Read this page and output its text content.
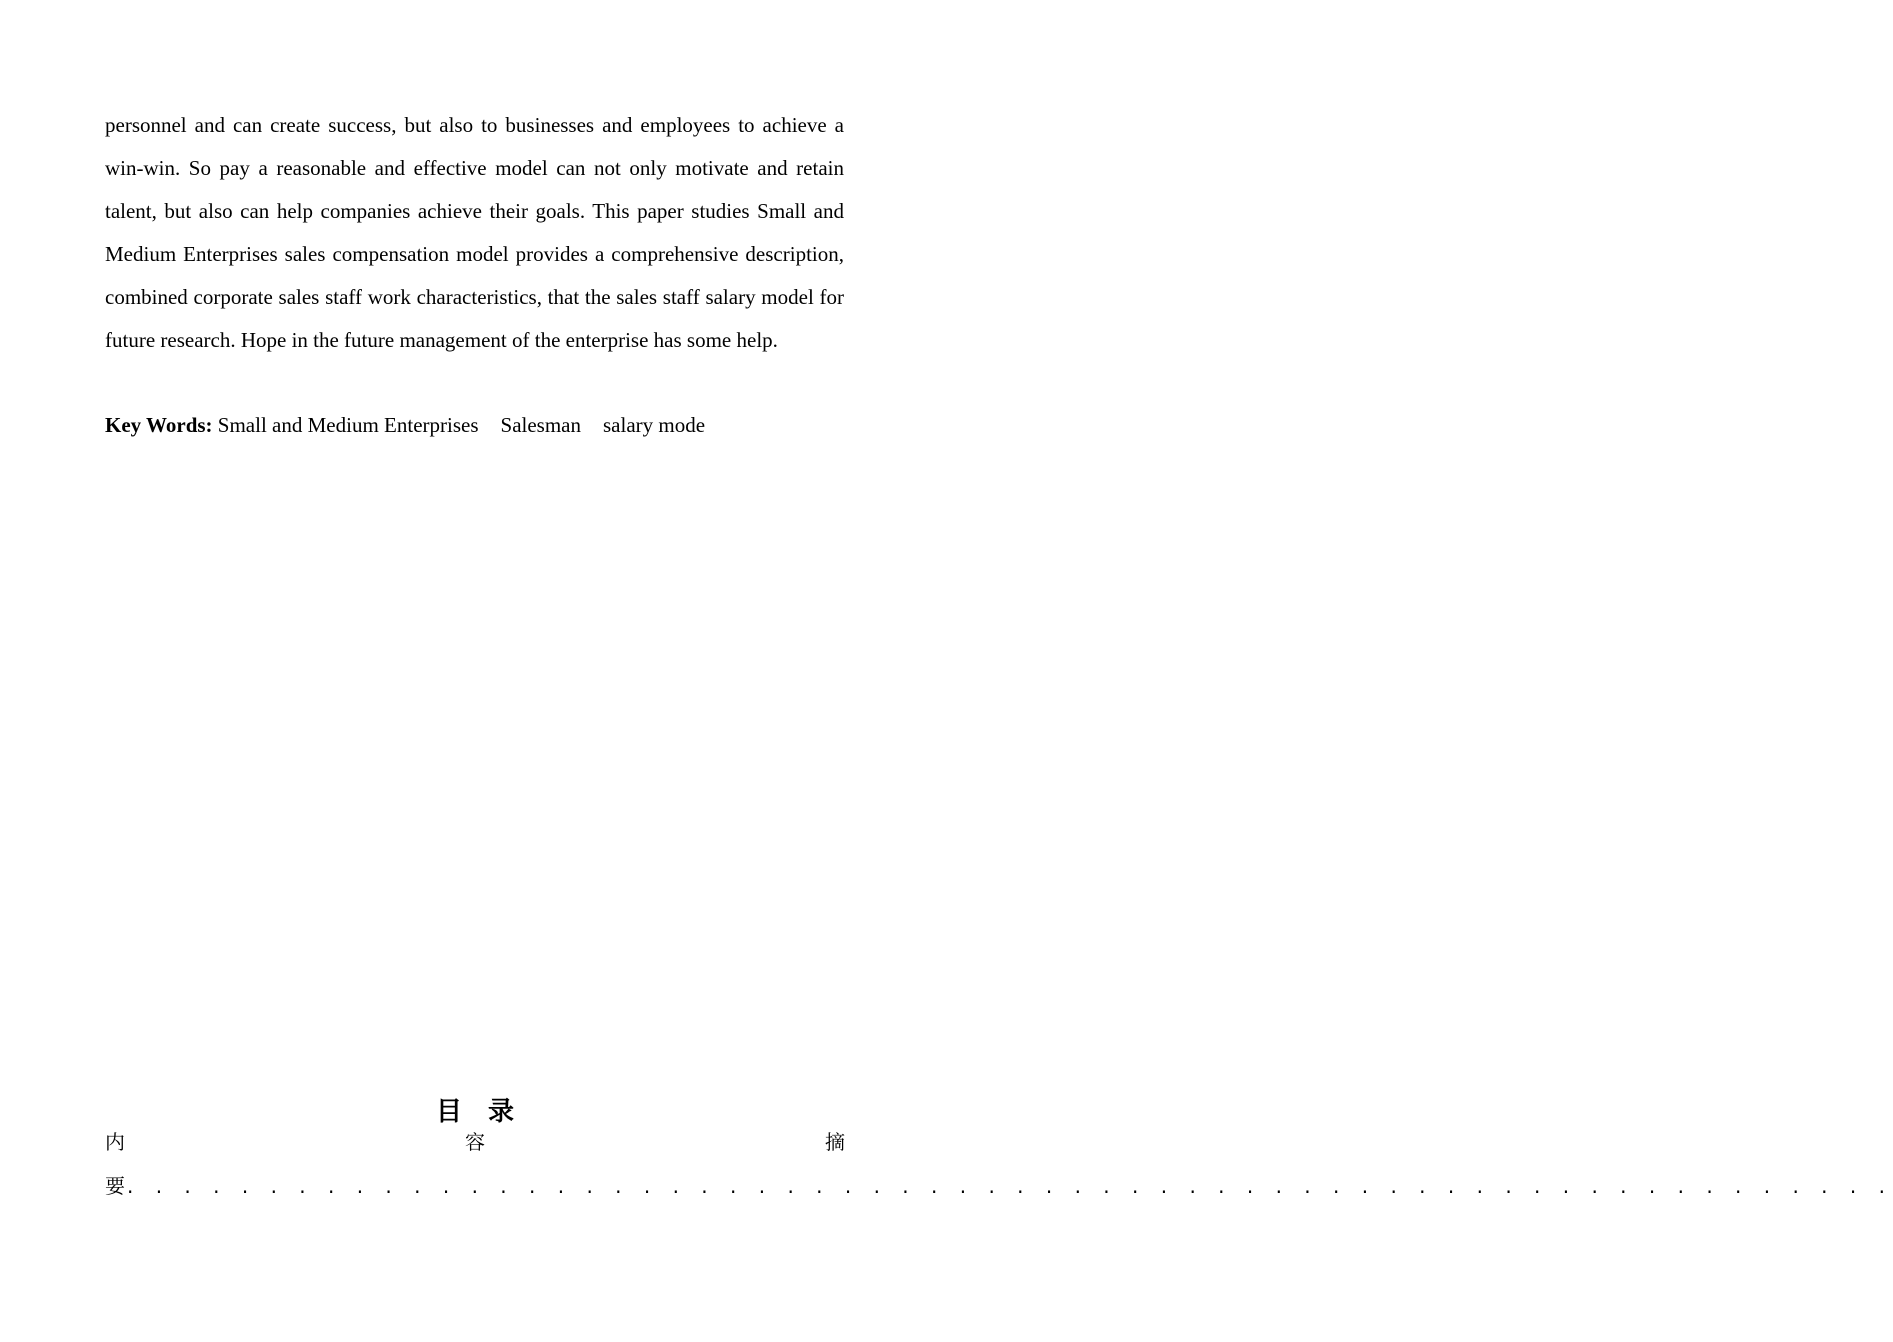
personnel and can create success, but also to businesses and employees to achieve a win-win. So pay a reasonable and effective model can not only motivate and retain talent, but also can help companies achieve their goals. This paper studies Small and Medium Enterprises sales compensation model provides a comprehensive description, combined corporate sales staff work characteristics, that the sales staff salary model for future research. Hope in the future management of the enterprise has some help.

Key Words: Small and Medium Enterprises Salesman salary mode

目录
内	容	摘
要 . . . . . . . . . . . . . . . . . . . . . . . . . . . . . . . . . . . . . . . . . . . . . . . . . . . . . . . . . . . . . .
